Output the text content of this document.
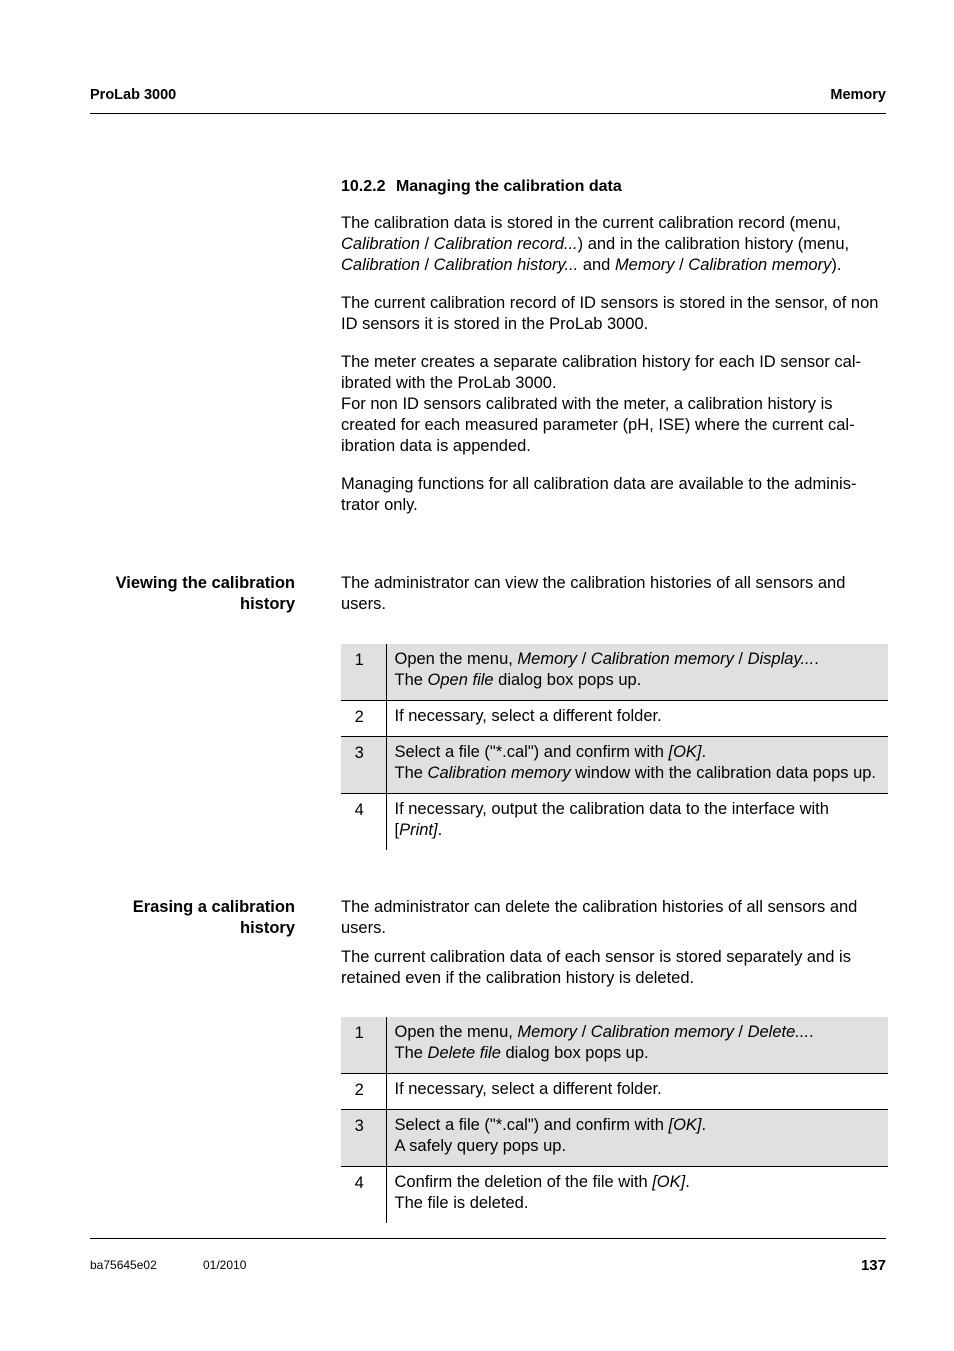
ProLab 3000	Memory
10.2.2 Managing the calibration data

The calibration data is stored in the current calibration record (menu, Calibration / Calibration record...) and in the calibration history (menu, Calibration / Calibration history... and Memory / Calibration memory).

The current calibration record of ID sensors is stored in the sensor, of non ID sensors it is stored in the ProLab 3000.

The meter creates a separate calibration history for each ID sensor cal-ibrated with the ProLab 3000.
For non ID sensors calibrated with the meter, a calibration history is created for each measured parameter (pH, ISE) where the current cal-ibration data is appended.

Managing functions for all calibration data are available to the adminis-trator only.

Viewing the calibration history

The administrator can view the calibration histories of all sensors and users.

1	Open the menu, Memory / Calibration memory / Display....
The Open file dialog box pops up.
2	If necessary, select a different folder.
3	Select a file ("*.cal") and confirm with [OK].
The Calibration memory window with the calibration data pops up.
4	If necessary, output the calibration data to the interface with [Print].
Erasing a calibration history

The administrator can delete the calibration histories of all sensors and users.

The current calibration data of each sensor is stored separately and is retained even if the calibration history is deleted.

1	Open the menu, Memory / Calibration memory / Delete....
The Delete file dialog box pops up.
2	If necessary, select a different folder.
3	Select a file ("*.cal") and confirm with [OK].
A safely query pops up.
4	Confirm the deletion of the file with [OK].
The file is deleted.
ba75645e02	01/2010	137
